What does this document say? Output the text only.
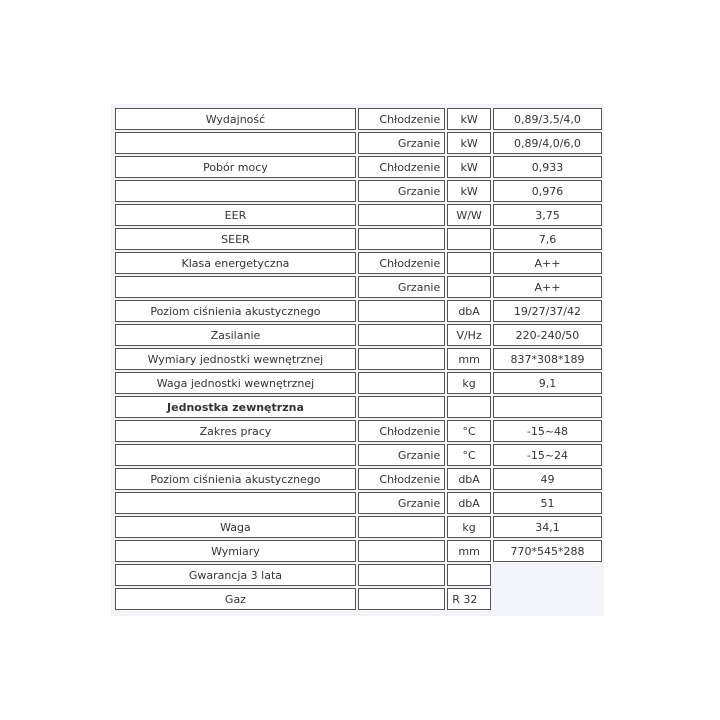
Wydajność	Chłodzenie	kW	0,89/3,5/4,0
	Grzanie	kW	0,89/4,0/6,0
Pobór mocy	Chłodzenie	kW	0,933
	Grzanie	kW	0,976
EER		W/W	3,75
SEER			7,6
Klasa energetyczna	Chłodzenie		A++
	Grzanie		A++
Poziom ciśnienia akustycznego		dbA	19/27/37/42
Zasilanie		V/Hz	220-240/50
Wymiary jednostki wewnętrznej		mm	837*308*189
Waga jednostki wewnętrznej		kg	9,1
Jednostka zewnętrzna			
Zakres pracy	Chłodzenie	°C	-15~48
	Grzanie	°C	-15~24
Poziom ciśnienia akustycznego	Chłodzenie	dbA	49
	Grzanie	dbA	51
Waga		kg	34,1
Wymiary		mm	770*545*288
Gwarancja 3 lata			
Gaz		R 32	
